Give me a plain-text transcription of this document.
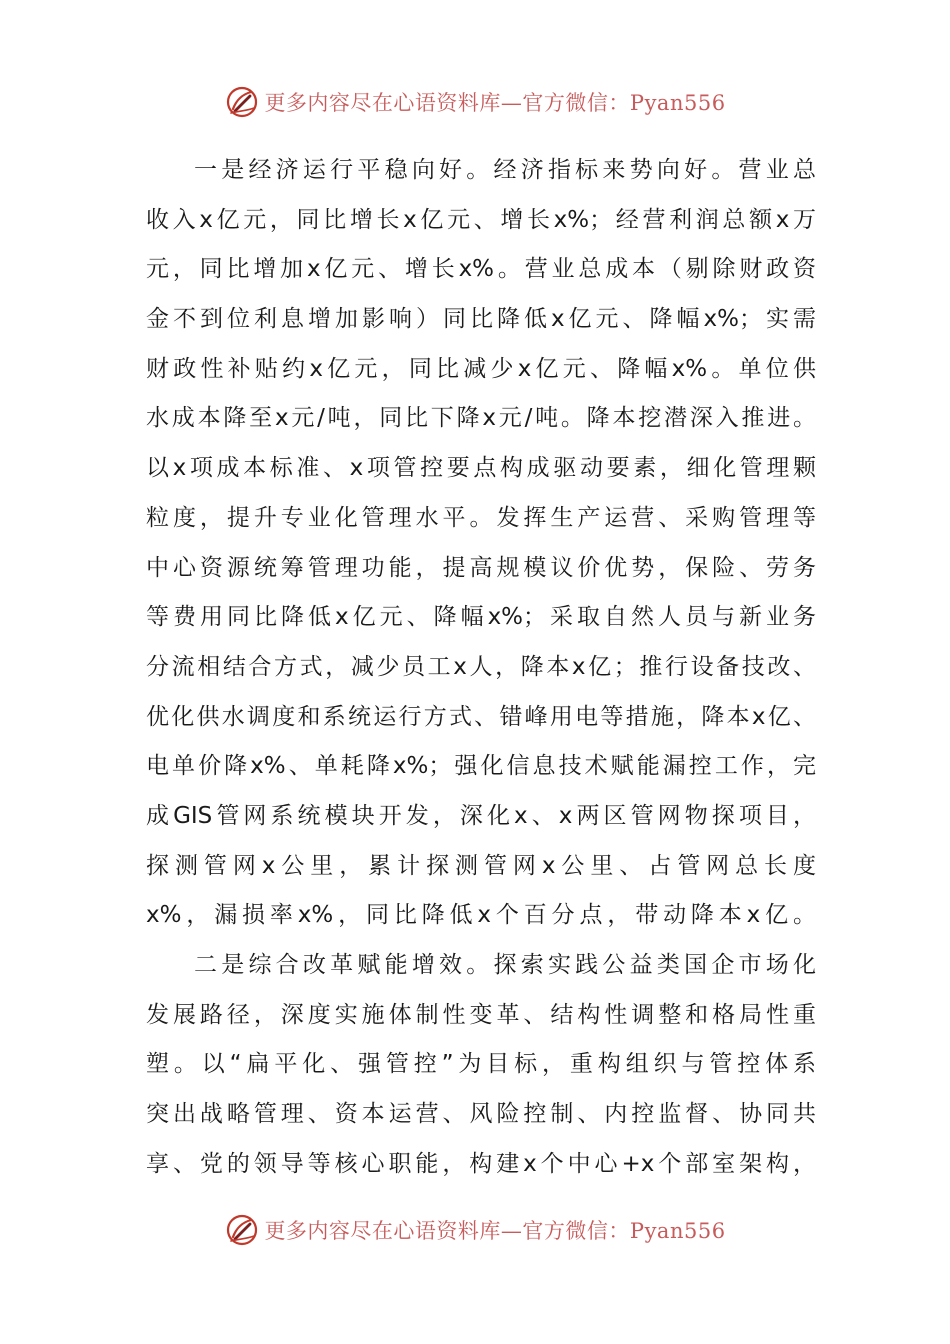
更多内容尽在心语资料库—官方微信：Pyan556
一是经济运行平稳向好。经济指标来势向好。营业总
收入x亿元，同比增长x亿元、增长x%；经营利润总额x万
元，同比增加x亿元、增长x%。营业总成本（剔除财政资
金不到位利息增加影响）同比降低x亿元、降幅x%；实需
财政性补贴约x亿元，同比减少x亿元、降幅x%。单位供
水成本降至x元/吨，同比下降x元/吨。降本挖潜深入推进。
以x项成本标准、x项管控要点构成驱动要素，细化管理颗
粒度，提升专业化管理水平。发挥生产运营、采购管理等
中心资源统筹管理功能，提高规模议价优势，保险、劳务
等费用同比降低x亿元、降幅x%；采取自然人员与新业务
分流相结合方式，减少员工x人，降本x亿；推行设备技改、
优化供水调度和系统运行方式、错峰用电等措施，降本x亿、
电单价降x%、单耗降x%；强化信息技术赋能漏控工作，完
成GIS管网系统模块开发，深化x、x两区管网物探项目，
探测管网x公里，累计探测管网x公里、占管网总长度
x%，漏损率x%，同比降低x个百分点，带动降本x亿。
二是综合改革赋能增效。探索实践公益类国企市场化
发展路径，深度实施体制性变革、结构性调整和格局性重
塑。以“扁平化、强管控”为目标，重构组织与管控体系
突出战略管理、资本运营、风险控制、内控监督、协同共
享、党的领导等核心职能，构建x个中心+x个部室架构，
更多内容尽在心语资料库—官方微信：Pyan556
